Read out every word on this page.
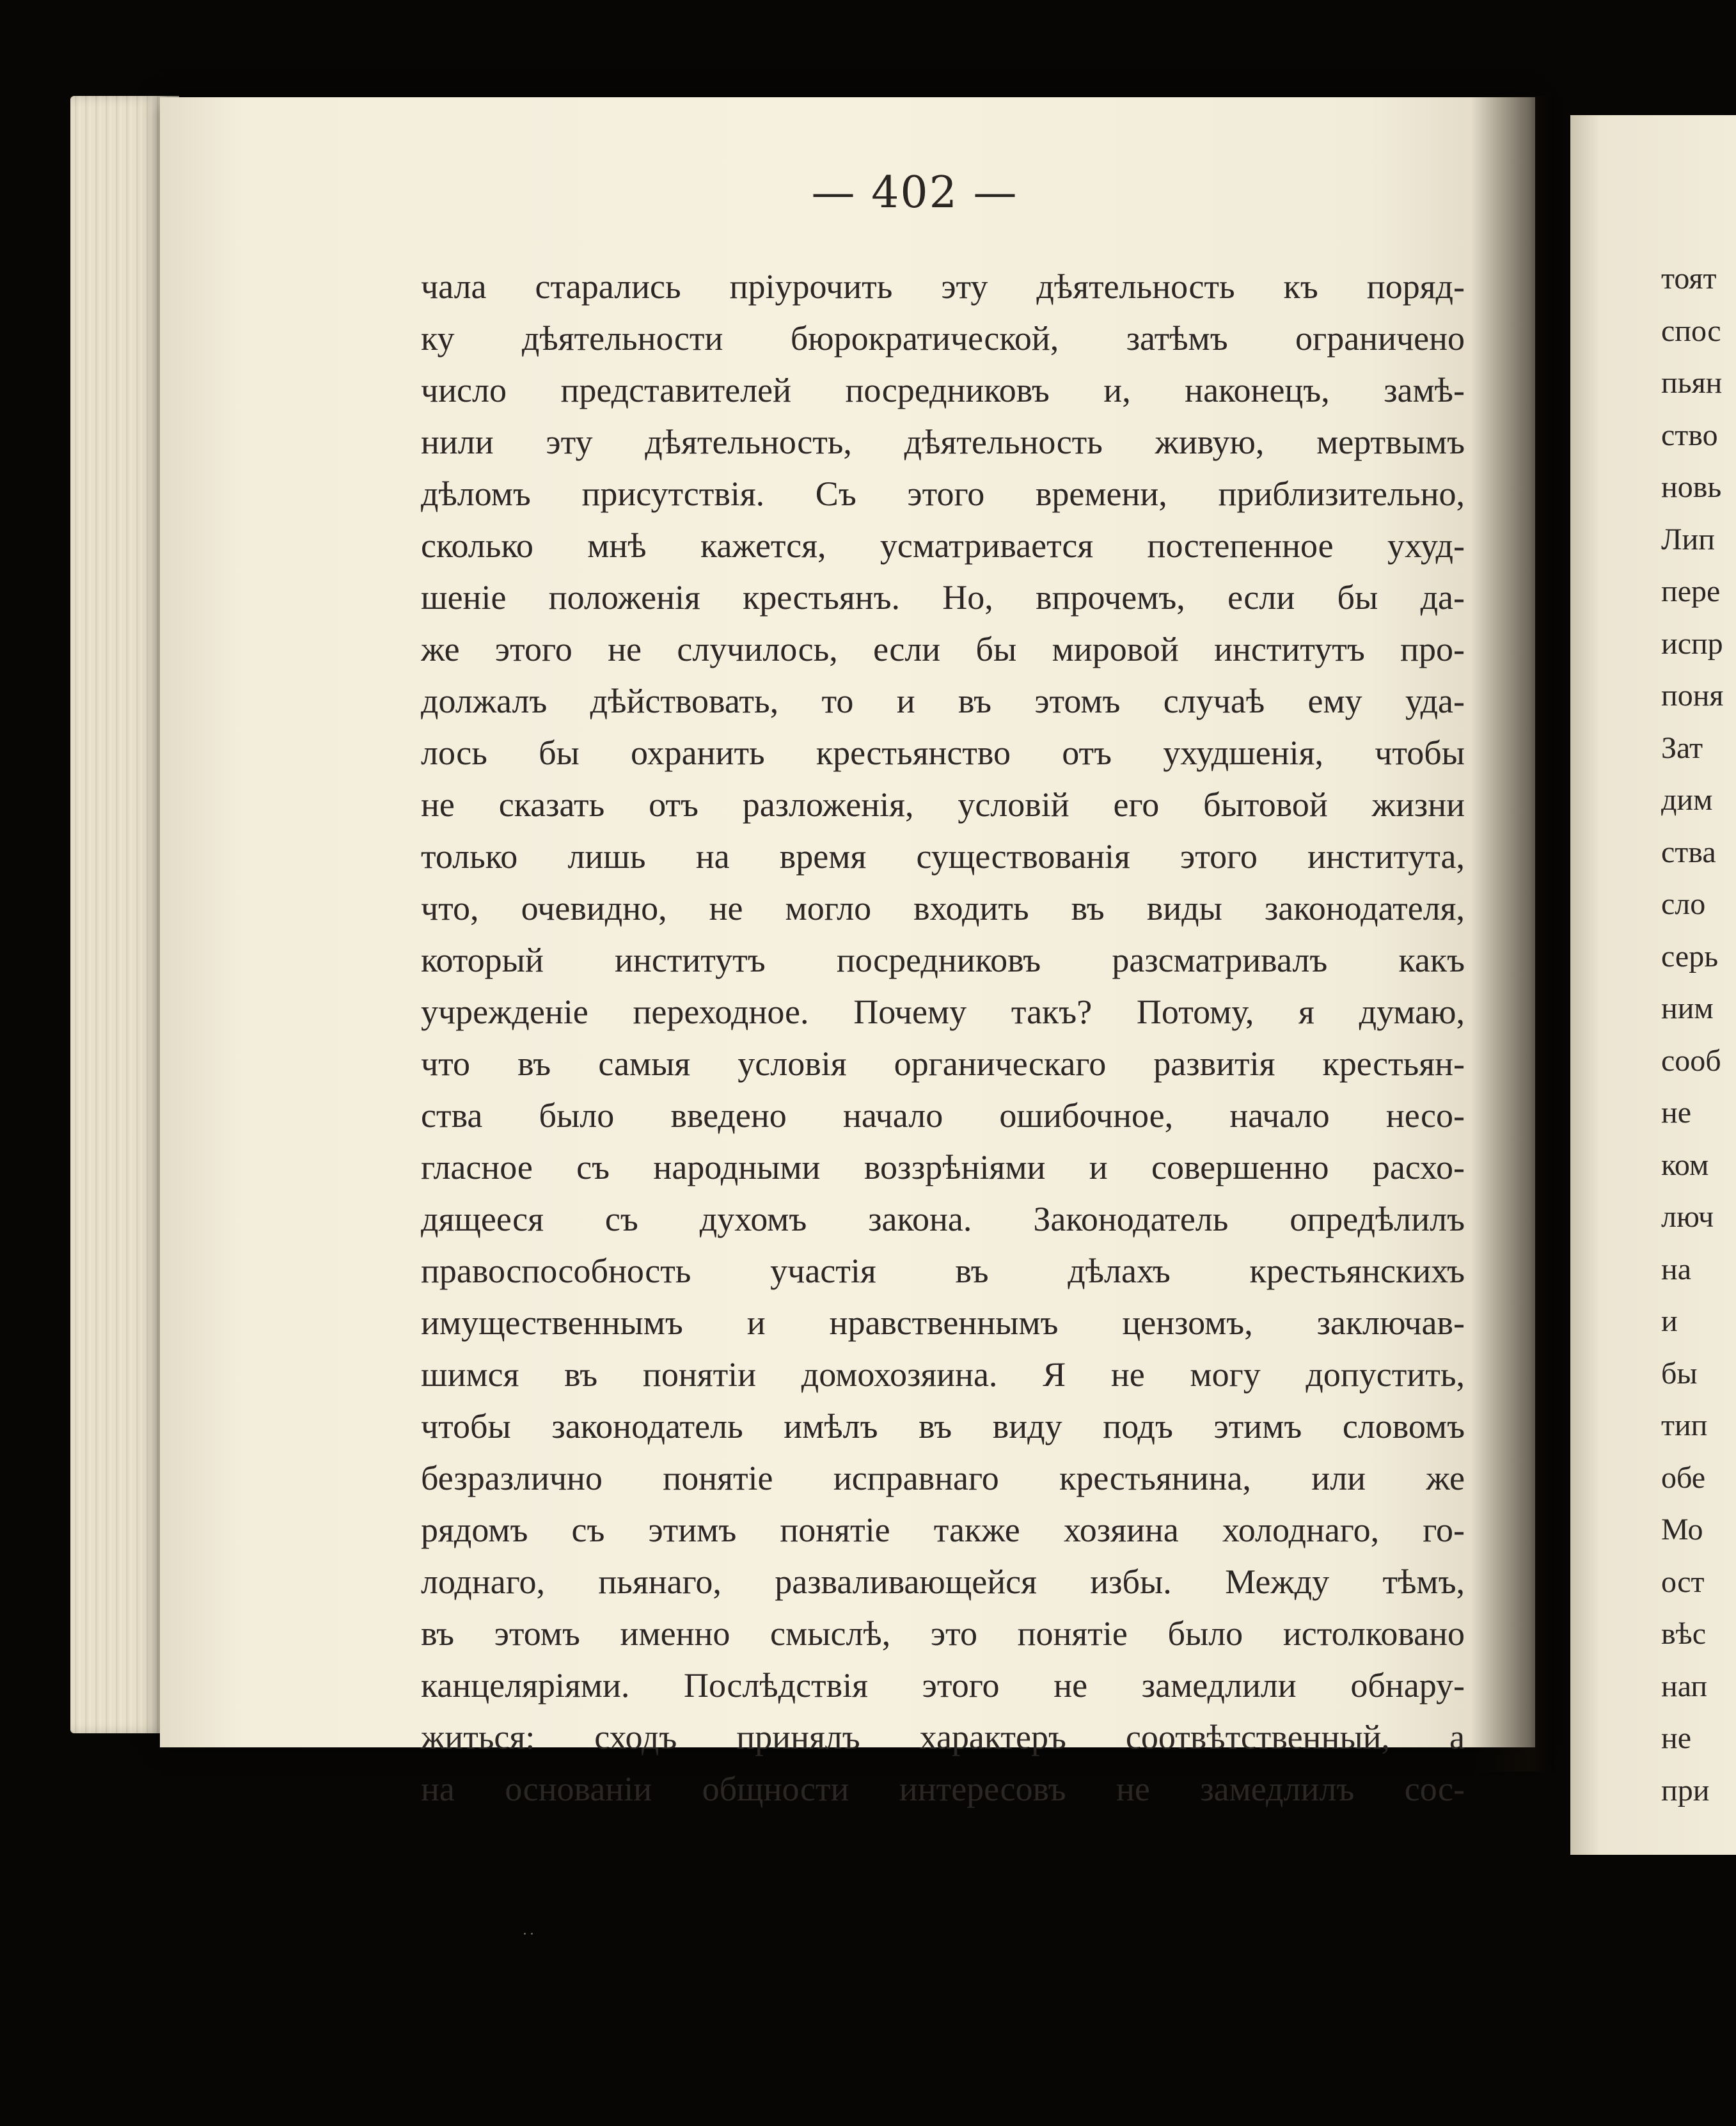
— 402 —
чала старались пріурочить эту дѣятельность къ поряд-
ку дѣятельности бюрократической, затѣмъ ограничено
число представителей посредниковъ и, наконецъ, замѣ-
нили эту дѣятельность, дѣятельность живую, мертвымъ
дѣломъ присутствія. Съ этого времени, приблизительно,
сколько мнѣ кажется, усматривается постепенное ухуд-
шеніе положенія крестьянъ. Но, впрочемъ, если бы да-
же этого не случилось, если бы мировой институтъ про-
должалъ дѣйствовать, то и въ этомъ случаѣ ему уда-
лось бы охранить крестьянство отъ ухудшенія, чтобы
не сказать отъ разложенія, условій его бытовой жизни
только лишь на время существованія этого института,
что, очевидно, не могло входить въ виды законодателя,
который институтъ посредниковъ разсматривалъ какъ
учрежденіе переходное. Почему такъ? Потому, я думаю,
что въ самыя условія органическаго развитія крестьян-
ства было введено начало ошибочное, начало несо-
гласное съ народными воззрѣніями и совершенно расхо-
дящееся съ духомъ закона. Законодатель опредѣлилъ
правоспособность участія въ дѣлахъ крестьянскихъ
имущественнымъ и нравственнымъ цензомъ, заключав-
шимся въ понятіи домохозяина. Я не могу допустить,
чтобы законодатель имѣлъ въ виду подъ этимъ словомъ
безразлично понятіе исправнаго крестьянина, или же
рядомъ съ этимъ понятіе также хозяина холоднаго, го-
лоднаго, пьянаго, разваливающейся избы. Между тѣмъ,
въ этомъ именно смыслѣ, это понятіе было истолковано
канцеляріями. Послѣдствія этого не замедлили обнару-
житься: сходъ принялъ характеръ соотвѣтственный, а
на основаніи общности интересовъ не замедлилъ сос-
тоят
спос
пьян
ство
новь
Лип
пере
испр
поня
Зат
дим
ства
сло
серь
ним
сооб
не
ком
люч
на
и
бы
тип
обе
Мо
ост
вѣс
нап
не
при
˙˙
